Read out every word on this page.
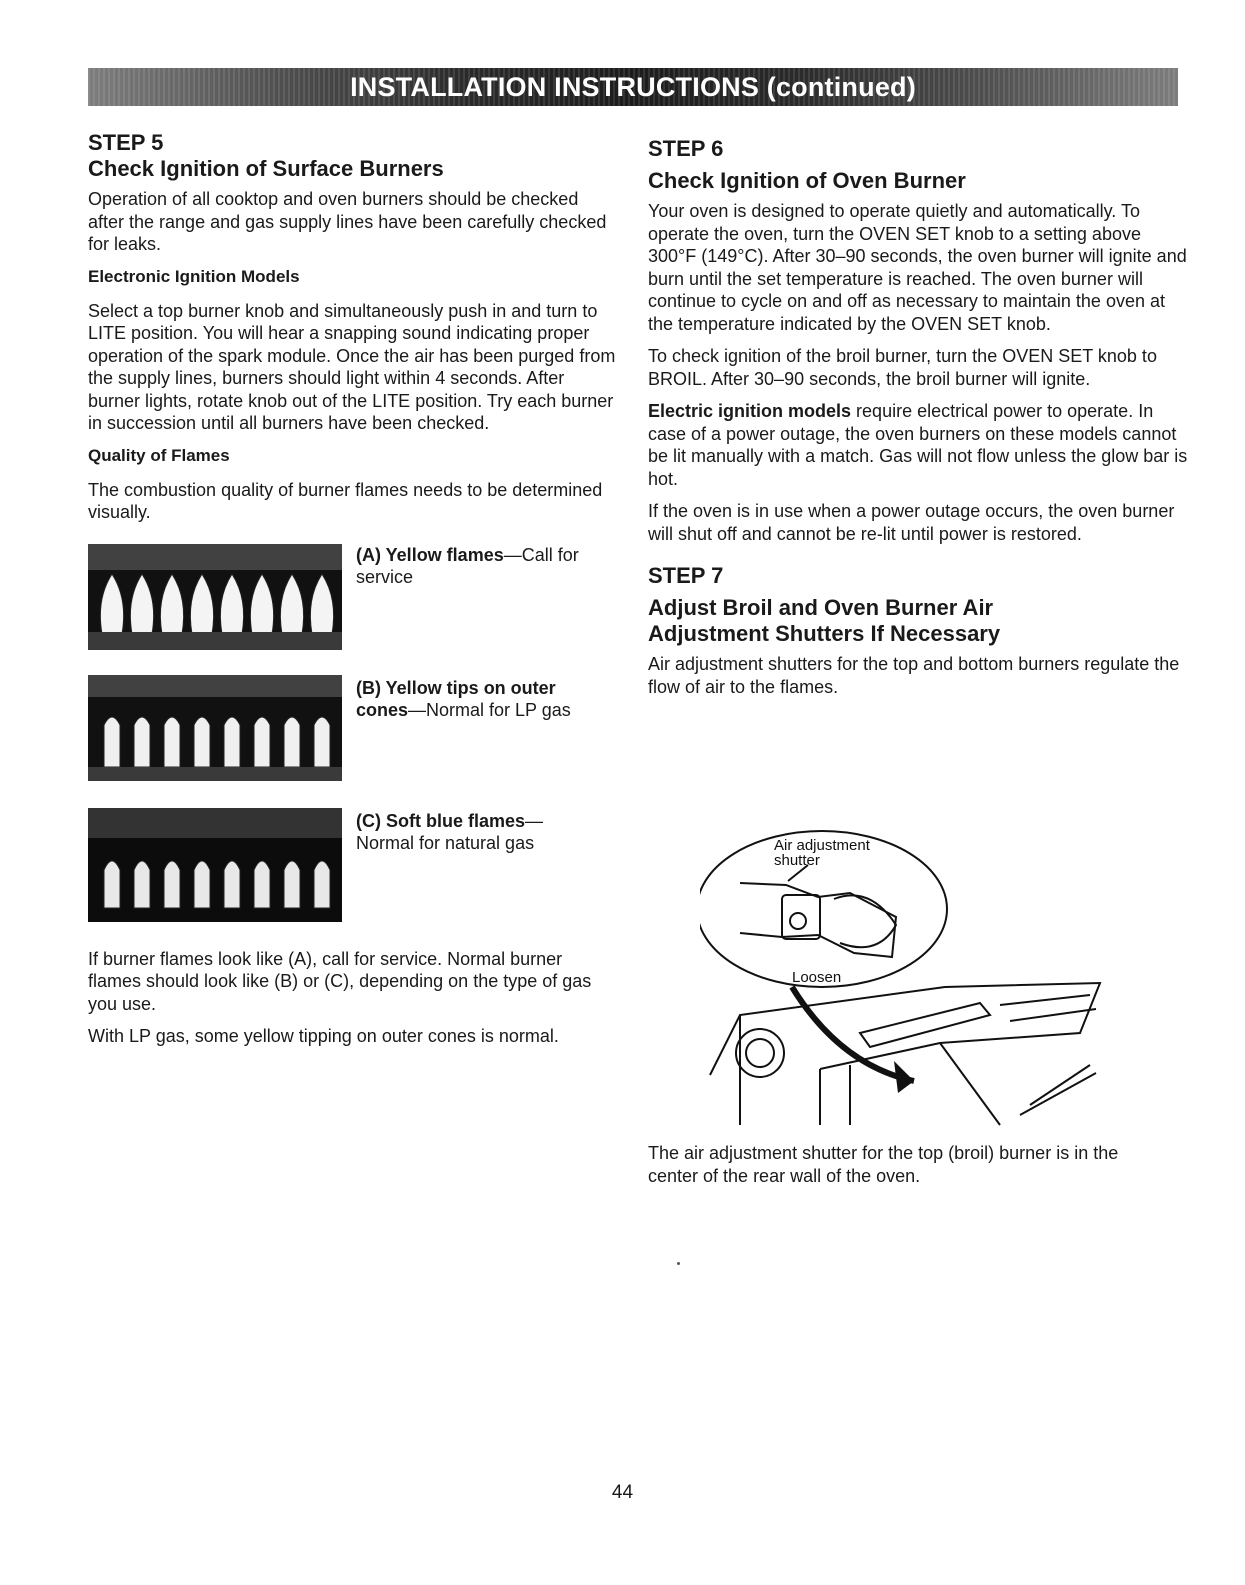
INSTALLATION INSTRUCTIONS (continued)
STEP 5
Check Ignition of Surface Burners

Operation of all cooktop and oven burners should be checked after the range and gas supply lines have been carefully checked for leaks.

Electronic Ignition Models

Select a top burner knob and simultaneously push in and turn to LITE position. You will hear a snapping sound indicating proper operation of the spark module. Once the air has been purged from the supply lines, burners should light within 4 seconds. After burner lights, rotate knob out of the LITE position. Try each burner in succession until all burners have been checked.

Quality of Flames

The combustion quality of burner flames needs to be determined visually.

(A) Yellow flames—Call for service
(B) Yellow tips on outer cones—Normal for LP gas
(C) Soft blue flames— Normal for natural gas

If burner flames look like (A), call for service. Normal burner flames should look like (B) or (C), depending on the type of gas you use.

With LP gas, some yellow tipping on outer cones is normal.

STEP 6
Check Ignition of Oven Burner

Your oven is designed to operate quietly and automatically. To operate the oven, turn the OVEN SET knob to a setting above 300°F (149°C). After 30–90 seconds, the oven burner will ignite and burn until the set temperature is reached. The oven burner will continue to cycle on and off as necessary to maintain the oven at the temperature indicated by the OVEN SET knob.

To check ignition of the broil burner, turn the OVEN SET knob to BROIL. After 30–90 seconds, the broil burner will ignite.

Electric ignition models require electrical power to operate. In case of a power outage, the oven burners on these models cannot be lit manually with a match. Gas will not flow unless the glow bar is hot.

If the oven is in use when a power outage occurs, the oven burner will shut off and cannot be re-lit until power is restored.

STEP 7
Adjust Broil and Oven Burner Air
Adjustment Shutters If Necessary

Air adjustment shutters for the top and bottom burners regulate the flow of air to the flames.

Air adjustment
shutter
Loosen

The air adjustment shutter for the top (broil) burner is in the center of the rear wall of the oven.

44
